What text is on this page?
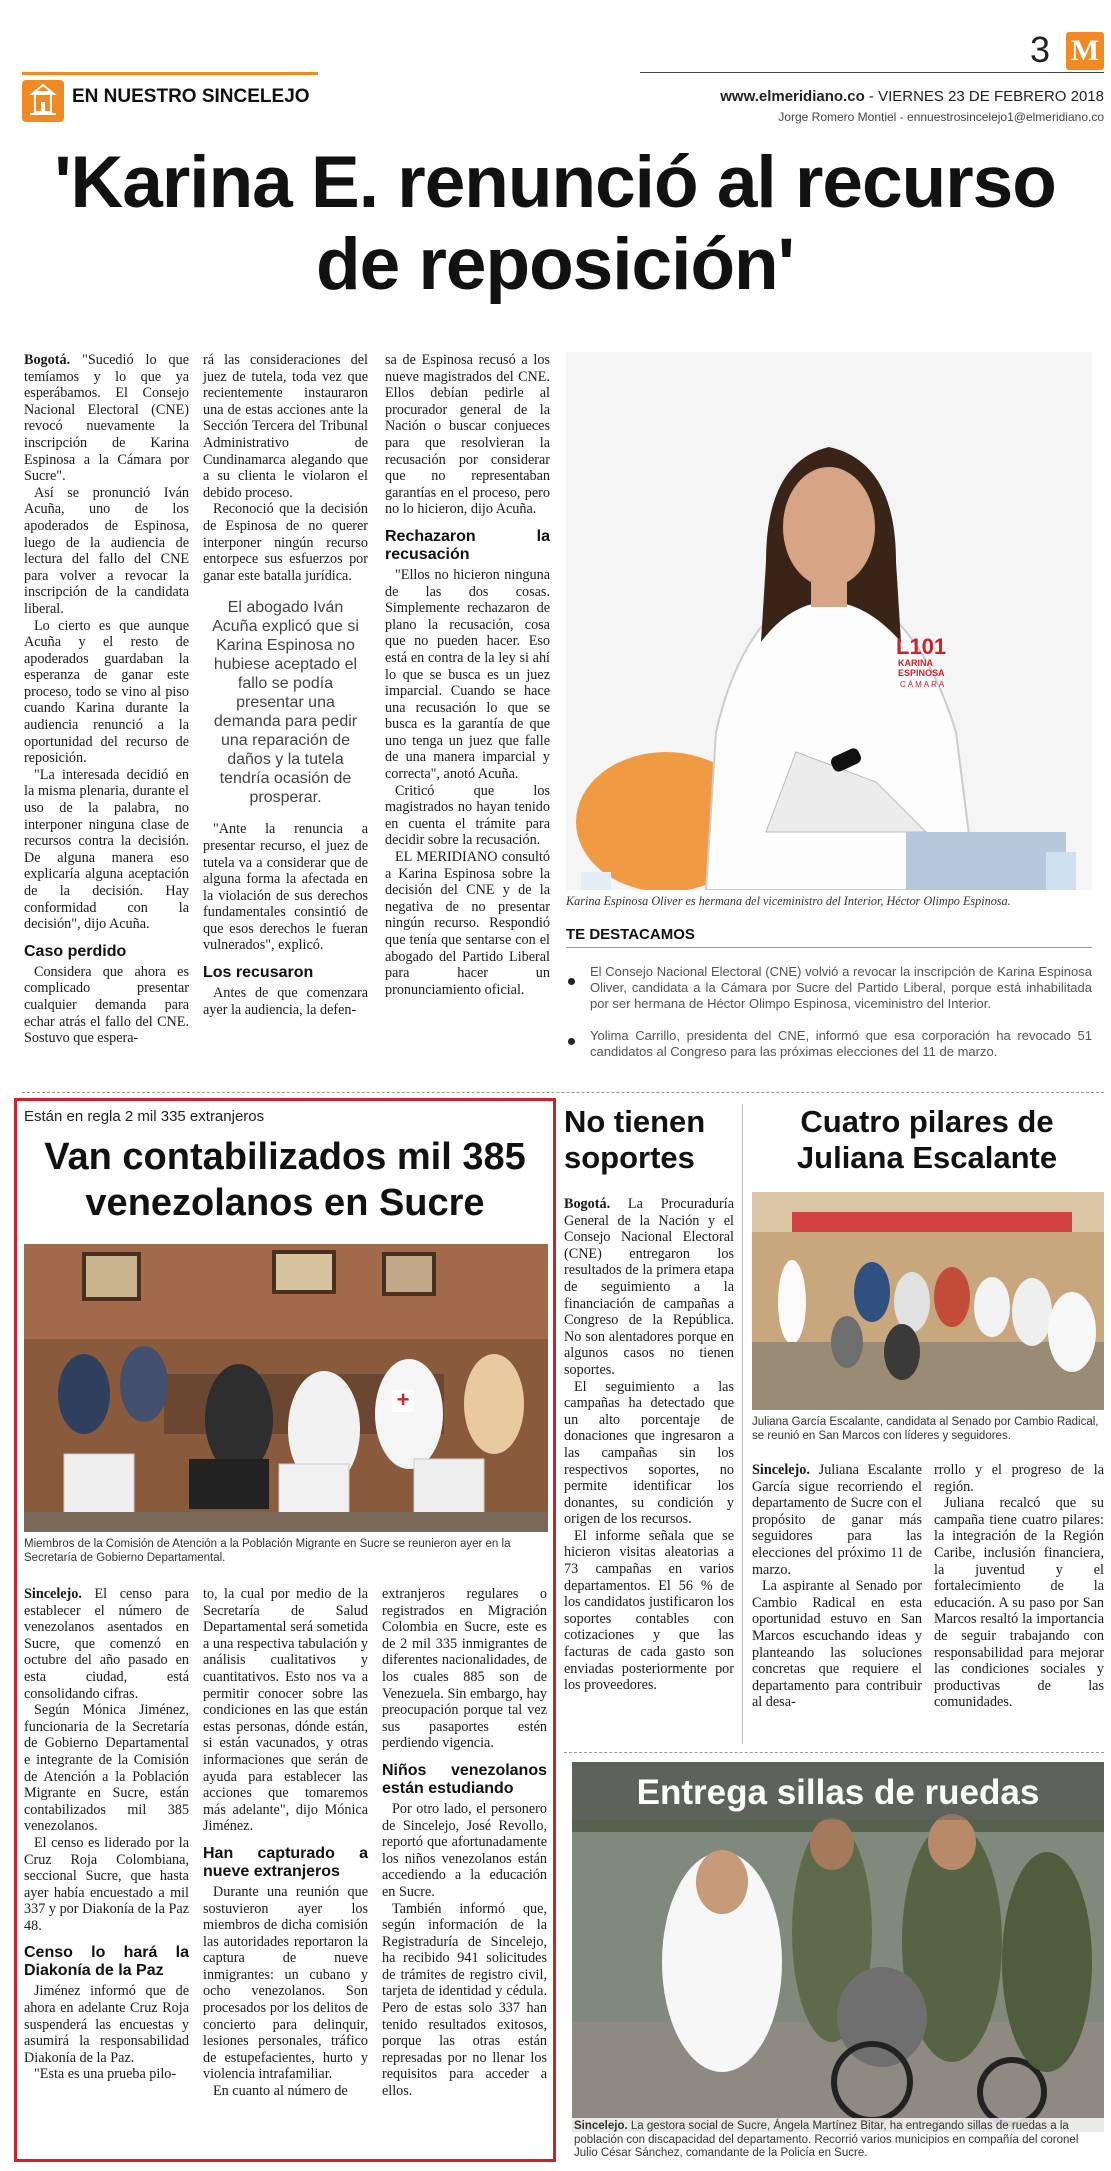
EN NUESTRO SINCELEJO
3 M
www.elmeridiano.co - VIERNES 23 DE FEBRERO 2018
Jorge Romero Montiel - ennuestrosincelejo1@elmeridiano.co
'Karina E. renunció al recurso de reposición'

Bogotá. "Sucedió lo que temíamos y lo que ya esperábamos. El Consejo Nacional Electoral (CNE) revocó nuevamente la inscripción de Karina Espinosa a la Cámara por Sucre".

Así se pronunció Iván Acuña, uno de los apoderados de Espinosa, luego de la audiencia de lectura del fallo del CNE para volver a revocar la inscripción de la candidata liberal.

Lo cierto es que aunque Acuña y el resto de apoderados guardaban la esperanza de ganar este proceso, todo se vino al piso cuando Karina durante la audiencia renunció a la oportunidad del recurso de reposición.

"La interesada decidió en la misma plenaria, durante el uso de la palabra, no interponer ninguna clase de recursos contra la decisión. De alguna manera eso explicaría alguna aceptación de la decisión. Hay conformidad con la decisión", dijo Acuña.

Caso perdido

Considera que ahora es complicado presentar cualquier demanda para echar atrás el fallo del CNE. Sostuvo que espera-

rá las consideraciones del juez de tutela, toda vez que recientemente instauraron una de estas acciones ante la Sección Tercera del Tribunal Administrativo de Cundinamarca alegando que a su clienta le violaron el debido proceso.

Reconoció que la decisión de Espinosa de no querer interponer ningún recurso entorpece sus esfuerzos por ganar este batalla jurídica.

El abogado Iván Acuña explicó que si Karina Espinosa no hubiese aceptado el fallo se podía presentar una demanda para pedir una reparación de daños y la tutela tendría ocasión de prosperar.

"Ante la renuncia a presentar recurso, el juez de tutela va a considerar que de alguna forma la afectada en la violación de sus derechos fundamentales consintió de que esos derechos le fueran vulnerados", explicó.

Los recusaron

Antes de que comenzara ayer la audiencia, la defen-

sa de Espinosa recusó a los nueve magistrados del CNE. Ellos debían pedirle al procurador general de la Nación o buscar conjueces para que resolvieran la recusación por considerar que no representaban garantías en el proceso, pero no lo hicieron, dijo Acuña.

Rechazaron la recusación

"Ellos no hicieron ninguna de las dos cosas. Simplemente rechazaron de plano la recusación, cosa que no pueden hacer. Eso está en contra de la ley si ahí lo que se busca es un juez imparcial. Cuando se hace una recusación lo que se busca es la garantía de que uno tenga un juez que falle de una manera imparcial y correcta", anotó Acuña.

Criticó que los magistrados no hayan tenido en cuenta el trámite para decidir sobre la recusación.

EL MERIDIANO consultó a Karina Espinosa sobre la decisión del CNE y de la negativa de no presentar ningún recurso. Respondió que tenía que sentarse con el abogado del Partido Liberal para hacer un pronunciamiento oficial.

L101
KARINA ESPINOSA
CÁMARA
Karina Espinosa Oliver es hermana del viceministro del Interior, Héctor Olimpo Espinosa.
TE DESTACAMOS
El Consejo Nacional Electoral (CNE) volvió a revocar la inscripción de Karina Espinosa Oliver, candidata a la Cámara por Sucre del Partido Liberal, porque está inhabilitada por ser hermana de Héctor Olimpo Espinosa, viceministro del Interior.
Yolima Carrillo, presidenta del CNE, informó que esa corporación ha revocado 51 candidatos al Congreso para las próximas elecciones del 11 de marzo.
Están en regla 2 mil 335 extranjeros
Van contabilizados mil 385 venezolanos en Sucre
+
Miembros de la Comisión de Atención a la Población Migrante en Sucre se reunieron ayer en la Secretaría de Gobierno Departamental.

Sincelejo. El censo para establecer el número de venezolanos asentados en Sucre, que comenzó en octubre del año pasado en esta ciudad, está consolidando cifras.

Según Mónica Jiménez, funcionaria de la Secretaría de Gobierno Departamental e integrante de la Comisión de Atención a la Población Migrante en Sucre, están contabilizados mil 385 venezolanos.

El censo es liderado por la Cruz Roja Colombiana, seccional Sucre, que hasta ayer había encuestado a mil 337 y por Diakonía de la Paz 48.

Censo lo hará la Diakonía de la Paz

Jiménez informó que de ahora en adelante Cruz Roja suspenderá las encuestas y asumirá la responsabilidad Diakonía de la Paz.

"Esta es una prueba pilo-

to, la cual por medio de la Secretaría de Salud Departamental será sometida a una respectiva tabulación y análisis cualitativos y cuantitativos. Esto nos va a permitir conocer sobre las condiciones en las que están estas personas, dónde están, si están vacunados, y otras informaciones que serán de ayuda para establecer las acciones que tomaremos más adelante", dijo Mónica Jiménez.

Han capturado a nueve extranjeros

Durante una reunión que sostuvieron ayer los miembros de dicha comisión las autoridades reportaron la captura de nueve inmigrantes: un cubano y ocho venezolanos. Son procesados por los delitos de concierto para delinquir, lesiones personales, tráfico de estupefacientes, hurto y violencia intrafamiliar.

En cuanto al número de

extranjeros regulares o registrados en Migración Colombia en Sucre, este es de 2 mil 335 inmigrantes de diferentes nacionalidades, de los cuales 885 son de Venezuela. Sin embargo, hay preocupación porque tal vez sus pasaportes estén perdiendo vigencia.

Niños venezolanos están estudiando

Por otro lado, el personero de Sincelejo, José Revollo, reportó que afortunadamente los niños venezolanos están accediendo a la educación en Sucre.

También informó que, según información de la Registraduría de Sincelejo, ha recibido 941 solicitudes de trámites de registro civil, tarjeta de identidad y cédula. Pero de estas solo 337 han tenido resultados exitosos, porque las otras están represadas por no llenar los requisitos para acceder a ellos.

No tienen soportes

Bogotá. La Procuraduría General de la Nación y el Consejo Nacional Electoral (CNE) entregaron los resultados de la primera etapa de seguimiento a la financiación de campañas a Congreso de la República. No son alentadores porque en algunos casos no tienen soportes.

El seguimiento a las campañas ha detectado que un alto porcentaje de donaciones que ingresaron a las campañas sin los respectivos soportes, no permite identificar los donantes, su condición y origen de los recursos.

El informe señala que se hicieron visitas aleatorias a 73 campañas en varios departamentos. El 56 % de los candidatos justificaron los soportes contables con cotizaciones y que las facturas de cada gasto son enviadas posteriormente por los proveedores.

Cuatro pilares de Juliana Escalante
Juliana García Escalante, candidata al Senado por Cambio Radical, se reunió en San Marcos con líderes y seguidores.

Sincelejo. Juliana Escalante García sigue recorriendo el departamento de Sucre con el propósito de ganar más seguidores para las elecciones del próximo 11 de marzo.

La aspirante al Senado por Cambio Radical en esta oportunidad estuvo en San Marcos escuchando ideas y planteando las soluciones concretas que requiere el departamento para contribuir al desa-

rrollo y el progreso de la región.

Juliana recalcó que su campaña tiene cuatro pilares: la integración de la Región Caribe, inclusión financiera, la juventud y el fortalecimiento de la educación. A su paso por San Marcos resaltó la importancia de seguir trabajando con responsabilidad para mejorar las condiciones sociales y productivas de las comunidades.

Entrega sillas de ruedas
Sincelejo. La gestora social de Sucre, Ángela Martínez Bitar, ha entregando sillas de ruedas a la población con discapacidad del departamento. Recorrió varios municipios en compañía del coronel Julio César Sánchez, comandante de la Policía en Sucre.
